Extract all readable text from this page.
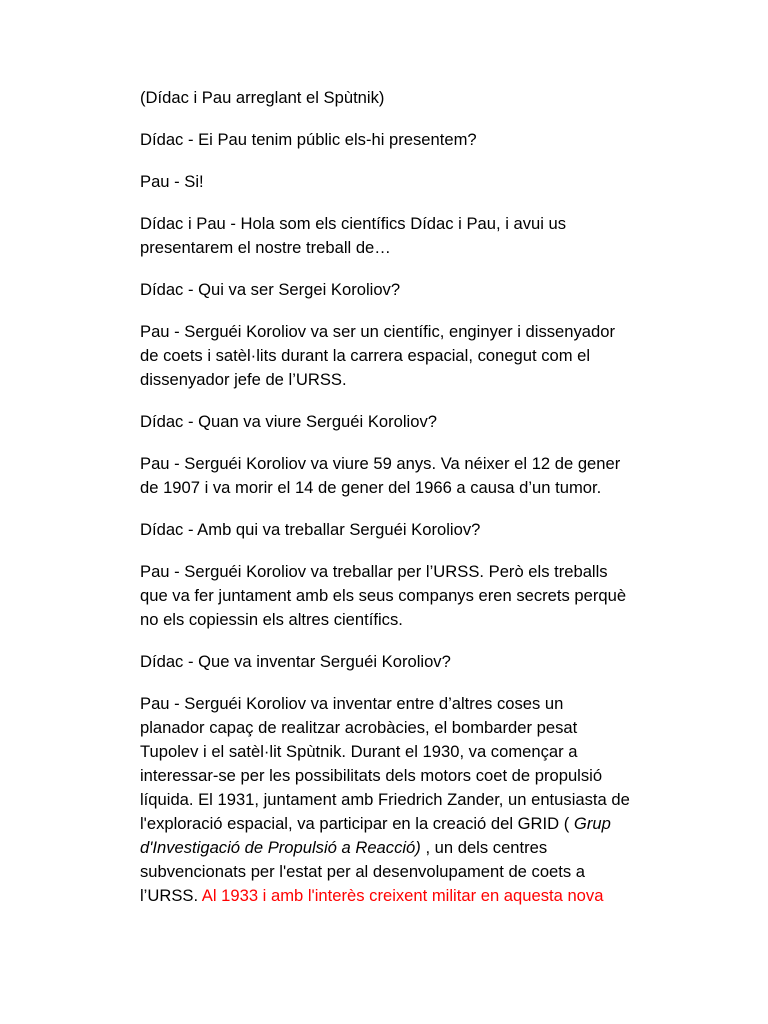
(Dídac i Pau arreglant el Spùtnik)

Dídac - Ei Pau tenim públic els-hi presentem?

Pau - Si!

Dídac i Pau - Hola som els científics Dídac i Pau, i avui us
presentarem el nostre treball de…

Dídac - Qui va ser Sergei Koroliov?

Pau - Serguéi Koroliov va ser un científic, enginyer i dissenyador
de coets i satèl·lits durant la carrera espacial, conegut com el
dissenyador jefe de l’URSS.

Dídac - Quan va viure Serguéi Koroliov?

Pau - Serguéi Koroliov va viure 59 anys. Va néixer el 12 de gener
de 1907 i va morir el 14 de gener del 1966 a causa d’un tumor.

Dídac - Amb qui va treballar Serguéi Koroliov?

Pau - Serguéi Koroliov va treballar per l’URSS. Però els treballs
que va fer juntament amb els seus companys eren secrets perquè
no els copiessin els altres científics.

Dídac - Que va inventar Serguéi Koroliov?

Pau - Serguéi Koroliov va inventar entre d’altres coses un
planador capaç de realitzar acrobàcies, el bombarder pesat
Tupolev i el satèl·lit Spùtnik. Durant el 1930, va començar a
interessar-se per les possibilitats dels motors coet de propulsió
líquida. El 1931, juntament amb Friedrich Zander, un entusiasta de
l'exploració espacial, va participar en la creació del GRID ( Grup
d'Investigació de Propulsió a Reacció) , un dels centres
subvencionats per l'estat per al desenvolupament de coets a
l’URSS. Al 1933 i amb l'interès creixent militar en aquesta nova
